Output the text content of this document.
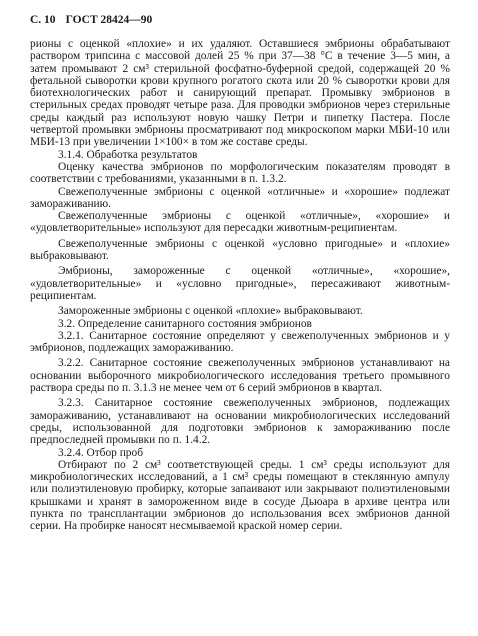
С. 10 ГОСТ 28424—90

рионы с оценкой «плохие» и их удаляют. Оставшиеся эмбрионы обрабатывают раствором трипсина с массовой долей 25 % при 37—38 °С в течение 3—5 мин, а затем промывают 2 см³ стерильной фосфатно-буферной средой, содержащей 20 % фетальной сыворотки крови крупного рогатого скота или 20 % сыворотки крови для биотехнологических работ и санирующий препарат. Промывку эмбрионов в стерильных средах проводят четыре раза. Для проводки эмбрионов через стерильные среды каждый раз используют новую чашку Петри и пипетку Пастера. После четвертой промывки эмбрионы просматривают под микроскопом марки МБИ-10 или МБИ-13 при увеличении 1×100× в том же составе среды.

3.1.4. Обработка результатов

Оценку качества эмбрионов по морфологическим показателям проводят в соответствии с требованиями, указанными в п. 1.3.2.

Свежеполученные эмбрионы с оценкой «отличные» и «хорошие» подлежат замораживанию.

Свежеполученные эмбрионы с оценкой «отличные», «хорошие» и «удовлетворительные» используют для пересадки животным-реципиентам.

Свежеполученные эмбрионы с оценкой «условно пригодные» и «плохие» выбраковывают.

Эмбрионы, замороженные с оценкой «отличные», «хорошие», «удовлетворительные» и «условно пригодные», пересаживают животным-реципиентам.

Замороженные эмбрионы с оценкой «плохие» выбраковывают.

3.2. Определение санитарного состояния эмбрионов

3.2.1. Санитарное состояние определяют у свежеполученных эмбрионов и у эмбрионов, подлежащих замораживанию.

3.2.2. Санитарное состояние свежеполученных эмбрионов устанавливают на основании выборочного микробиологического исследования третьего промывного раствора среды по п. 3.1.3 не менее чем от 6 серий эмбрионов в квартал.

3.2.3. Санитарное состояние свежеполученных эмбрионов, подлежащих замораживанию, устанавливают на основании микробиологических исследований среды, использованной для подготовки эмбрионов к замораживанию после предпоследней промывки по п. 1.4.2.

3.2.4. Отбор проб

Отбирают по 2 см³ соответствующей среды. 1 см³ среды используют для микробиологических исследований, а 1 см³ среды помещают в стеклянную ампулу или полиэтиленовую пробирку, которые запаивают или закрывают полиэтиленовыми крышками и хранят в замороженном виде в сосуде Дьюара в архиве центра или пункта по трансплантации эмбрионов до использования всех эмбрионов данной серии. На пробирке наносят несмываемой краской номер серии.
